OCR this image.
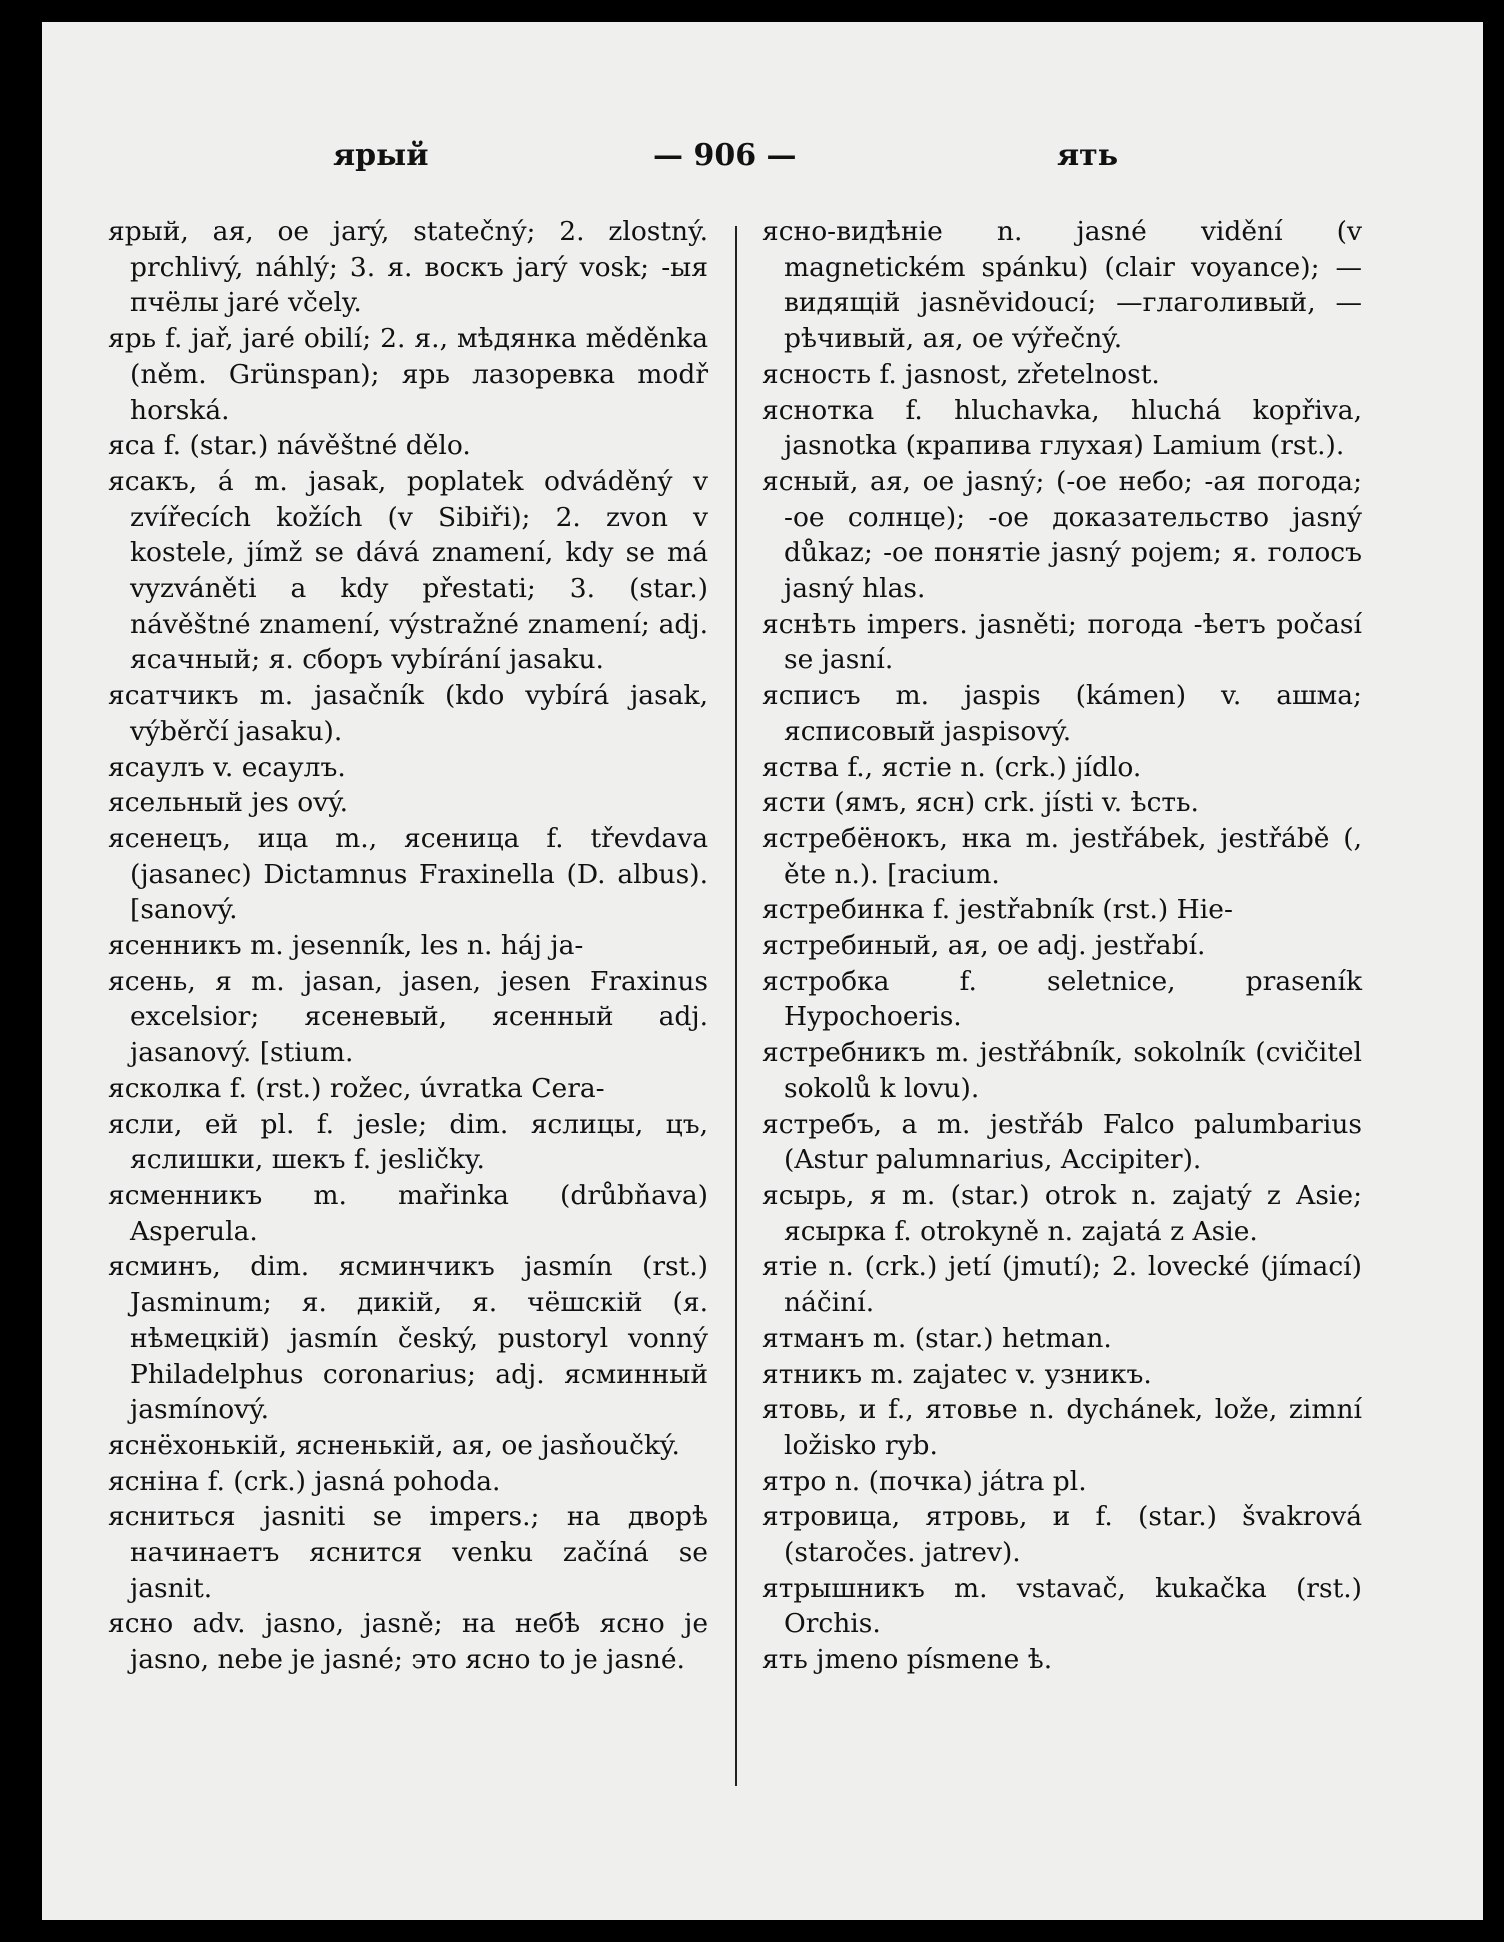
ярый	— 906 —	ять

ярый, ая, ое jarý, statečný; 2. zlostný. prchlivý, náhlý; 3. я. воскъ jarý vosk; -ыя пчёлы jaré včely.

ярь f. jař, jaré obilí; 2. я., мѣдянка měděnka (něm. Grünspan); ярь лазоревка modř horská.

яса f. (star.) návěštné dělo.

ясакъ, á m. jasak, poplatek odváděný v zvířecích kožích (v Sibiři); 2. zvon v kostele, jímž se dává znamení, kdy se má vyzváněti a kdy přestati; 3. (star.) návěštné znamení, výstražné znamení; adj. ясачный; я. сборъ vybírání jasaku.

ясатчикъ m. jasačník (kdo vybírá jasak, výběrčí jasaku).

ясаулъ v. есаулъ.

ясельный jes ový.

ясенецъ, ица m., ясеница f. třevdava (jasanec) Dictamnus Fraxinella (D. albus). [sanový.

ясенникъ m. jesenník, les n. háj ja-

ясень, я m. jasan, jasen, jesen Fraxinus excelsior; ясеневый, ясенный adj. jasanový. [stium.

ясколка f. (rst.) rožec, úvratka Cera-

ясли, ей pl. f. jesle; dim. яслицы, цъ, яслишки, шекъ f. jesličky.

ясменникъ m. mařinka (drůbňava) Asperula.

ясминъ, dim. ясминчикъ jasmín (rst.) Jasminum; я. дикій, я. чёшскій (я. нѣмецкій) jasmín český, pustoryl vonný Philadelphus coronarius; adj. ясминный jasmínový.

яснёхонькій, ясненькій, ая, ое jasňoučký.

ясніна f. (crk.) jasná pohoda.

ясниться jasniti se impers.; на дворѣ начинаетъ яснится venku začíná se jasnit.

ясно adv. jasno, jasně; на небѣ ясно je jasno, nebe je jasné; это ясно to je jasné.

ясно-видѣніе n. jasné vidění (v magnetickém spánku) (clair voyance); —видящій jasnĕvidoucí; —глаголивый, —рѣчивый, ая, ое výřečný.

ясность f. jasnost, zřetelnost.

яснотка f. hluchavka, hluchá kopřiva, jasnotka (крапива глухая) Lamium (rst.).

ясный, ая, ое jasný; (-ое небо; -ая погода; -ое солнце); -ое доказательство jasný důkaz; -ое понятіе jasný pojem; я. голосъ jasný hlas.

яснѣть impers. jasněti; погода -ѣетъ počasí se jasní.

ясписъ m. jaspis (kámen) v. ашма; ясписовый jaspisový.

яства f., ястіе n. (crk.) jídlo.

ясти (ямъ, ясн) crk. jísti v. ѣсть.

ястребёнокъ, нка m. jestřábek, jestřábě (, ěte n.). [racium.

ястребинка f. jestřabník (rst.) Hie-

ястребиный, ая, ое adj. jestřabí.

ястробка f. seletnice, praseník Hypochoeris.

ястребникъ m. jestřábník, sokolník (cvičitel sokolů k lovu).

ястребъ, а m. jestřáb Falco palumbarius (Astur palumnarius, Accipiter).

ясырь, я m. (star.) otrok n. zajatý z Asie; ясырка f. otrokyně n. zajatá z Asie.

ятіе n. (crk.) jetí (jmutí); 2. lovecké (jímací) náčiní.

ятманъ m. (star.) hetman.

ятникъ m. zajatec v. узникъ.

ятовь, и f., ятовье n. dychánek, lože, zimní ložisko ryb.

ятро n. (почка) játra pl.

ятровица, ятровь, и f. (star.) švakrová (staročes. jatrev).

ятрышникъ m. vstavač, kukačka (rst.) Orchis.

ять jmeno písmene ѣ.
